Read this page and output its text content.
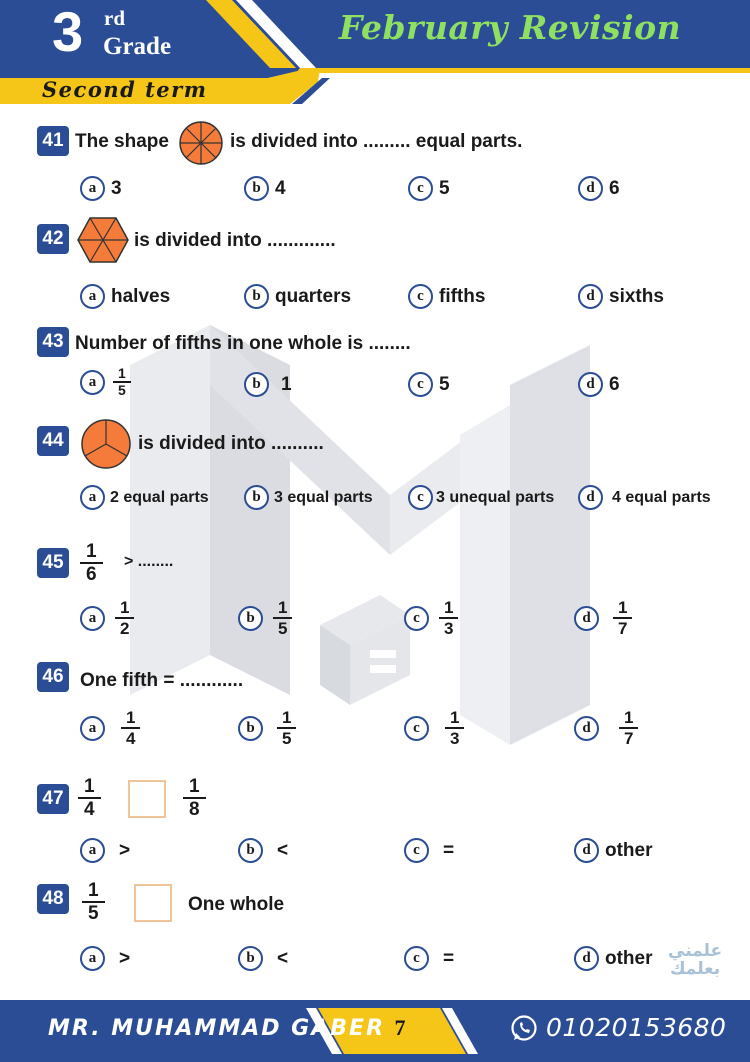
3 rd
Grade	February Revision
Second term
41 The shape	is divided into ......... equal parts.
a 3	b 4	c 5	d 6
42	is divided into .............
a halves	b quarters	c fifths	d sixths
43 Number of fifths in one whole is ........
a	$\frac{1}{5}$	b	1	c 5	d 6
44	is divided into ..........
a 2 equal parts	b 3 equal parts	c 3 unequal parts	d	4 equal parts
$45 \frac{1}{6}$ > ........
a	$\frac{1}{2}$	b	$\frac{1}{5}$	c	$\frac{1}{3}$	d	$\frac{1}{7}$
46 One fifth = ............
a	$\frac{1}{4}$	b	$\frac{1}{5}$	c	$\frac{1}{3}$	d	$\frac{1}{7}$
$47 \frac{1}{4}$	$\frac{1}{8}$
a	>	b	<	c	=	d other
$48 \frac{1}{5}$	One whole
a	>	b	<	c	=	d other علمني
بعلمك
MR. MUHAMMAD GABER 7	01020153680
